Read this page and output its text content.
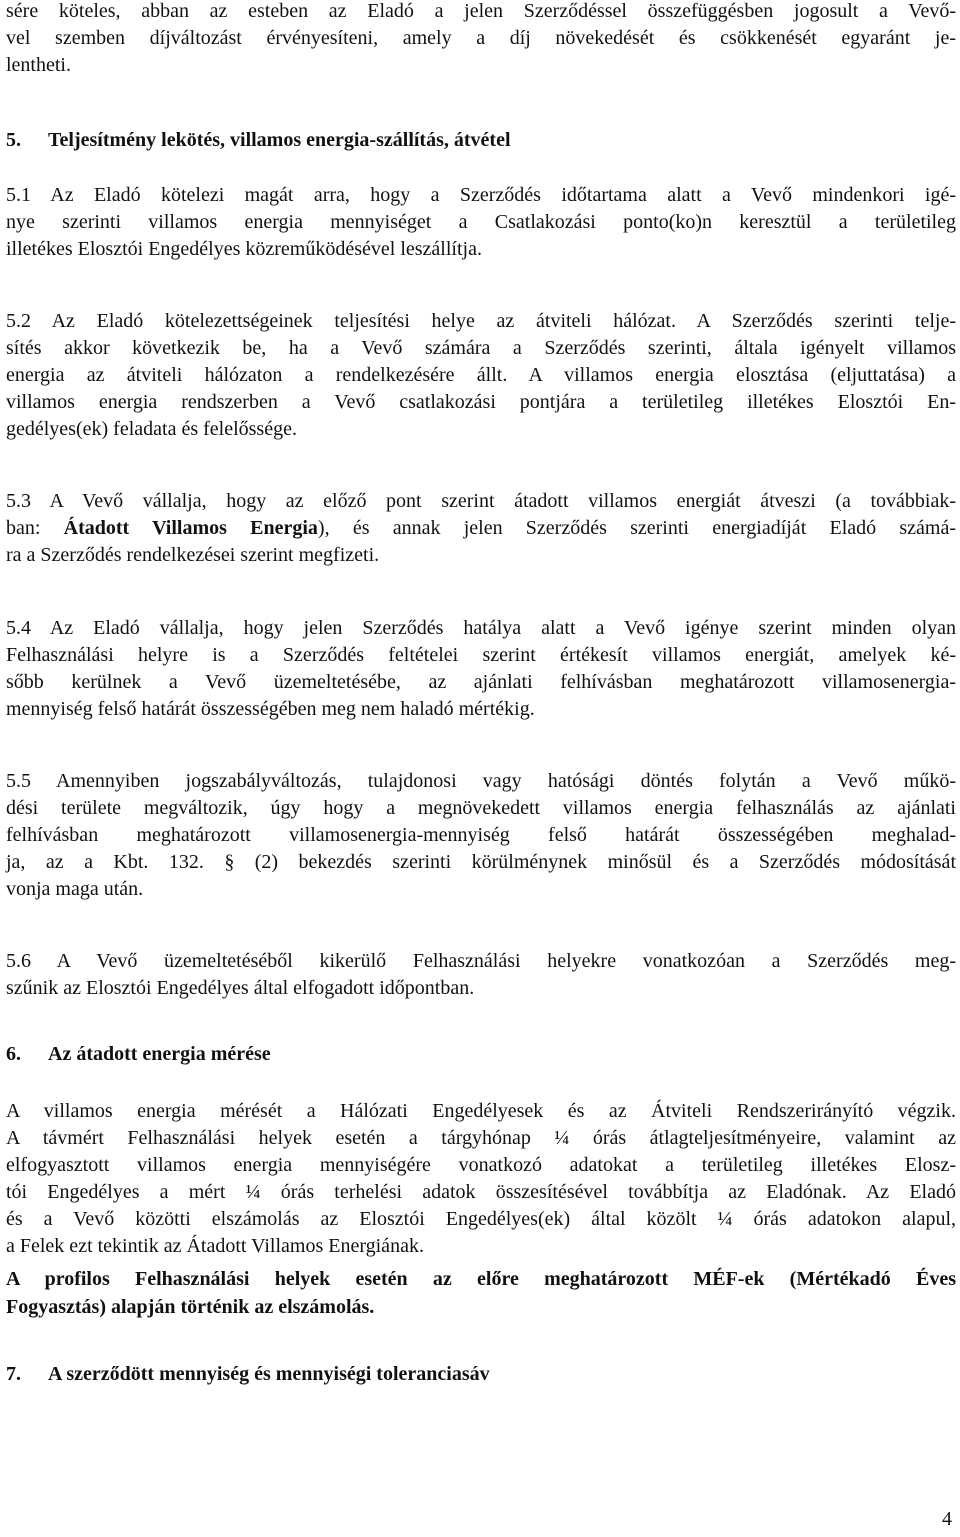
sére köteles, abban az esteben az Eladó a jelen Szerződéssel összefüggésben jogosult a Vevő-
vel szemben díjváltozást érvényesíteni, amely a díj növekedését és csökkenését egyaránt je-
lentheti.
5. Teljesítmény lekötés, villamos energia-szállítás, átvétel
5.1 Az Eladó kötelezi magát arra, hogy a Szerződés időtartama alatt a Vevő mindenkori igé-
nye szerinti villamos energia mennyiséget a Csatlakozási ponto(ko)n keresztül a területileg
illetékes Elosztói Engedélyes közreműködésével leszállítja.
5.2 Az Eladó kötelezettségeinek teljesítési helye az átviteli hálózat. A Szerződés szerinti telje-
sítés akkor következik be, ha a Vevő számára a Szerződés szerinti, általa igényelt villamos
energia az átviteli hálózaton a rendelkezésére állt. A villamos energia elosztása (eljuttatása) a
villamos energia rendszerben a Vevő csatlakozási pontjára a területileg illetékes Elosztói En-
gedélyes(ek) feladata és felelőssége.
5.3 A Vevő vállalja, hogy az előző pont szerint átadott villamos energiát átveszi (a továbbiak-
ban: Átadott Villamos Energia), és annak jelen Szerződés szerinti energiadíját Eladó számá-
ra a Szerződés rendelkezései szerint megfizeti.
5.4 Az Eladó vállalja, hogy jelen Szerződés hatálya alatt a Vevő igénye szerint minden olyan
Felhasználási helyre is a Szerződés feltételei szerint értékesít villamos energiát, amelyek ké-
sőbb kerülnek a Vevő üzemeltetésébe, az ajánlati felhívásban meghatározott villamosenergia-
mennyiség felső határát összességében meg nem haladó mértékig.
5.5 Amennyiben jogszabályváltozás, tulajdonosi vagy hatósági döntés folytán a Vevő műkö-
dési területe megváltozik, úgy hogy a megnövekedett villamos energia felhasználás az ajánlati
felhívásban meghatározott villamosenergia-mennyiség felső határát összességében meghalad-
ja, az a Kbt. 132. § (2) bekezdés szerinti körülménynek minősül és a Szerződés módosítását
vonja maga után.
5.6 A Vevő üzemeltetéséből kikerülő Felhasználási helyekre vonatkozóan a Szerződés meg-
szűnik az Elosztói Engedélyes által elfogadott időpontban.
6. Az átadott energia mérése
A villamos energia mérését a Hálózati Engedélyesek és az Átviteli Rendszerirányító végzik.
A távmért Felhasználási helyek esetén a tárgyhónap ¼ órás átlagteljesítményeire, valamint az
elfogyasztott villamos energia mennyiségére vonatkozó adatokat a területileg illetékes Elosz-
tói Engedélyes a mért ¼ órás terhelési adatok összesítésével továbbítja az Eladónak. Az Eladó
és a Vevő közötti elszámolás az Elosztói Engedélyes(ek) által közölt ¼ órás adatokon alapul,
a Felek ezt tekintik az Átadott Villamos Energiának.
A profilos Felhasználási helyek esetén az előre meghatározott MÉF-ek (Mértékadó Éves
Fogyasztás) alapján történik az elszámolás.
7. A szerződött mennyiség és mennyiségi toleranciasáv
4
